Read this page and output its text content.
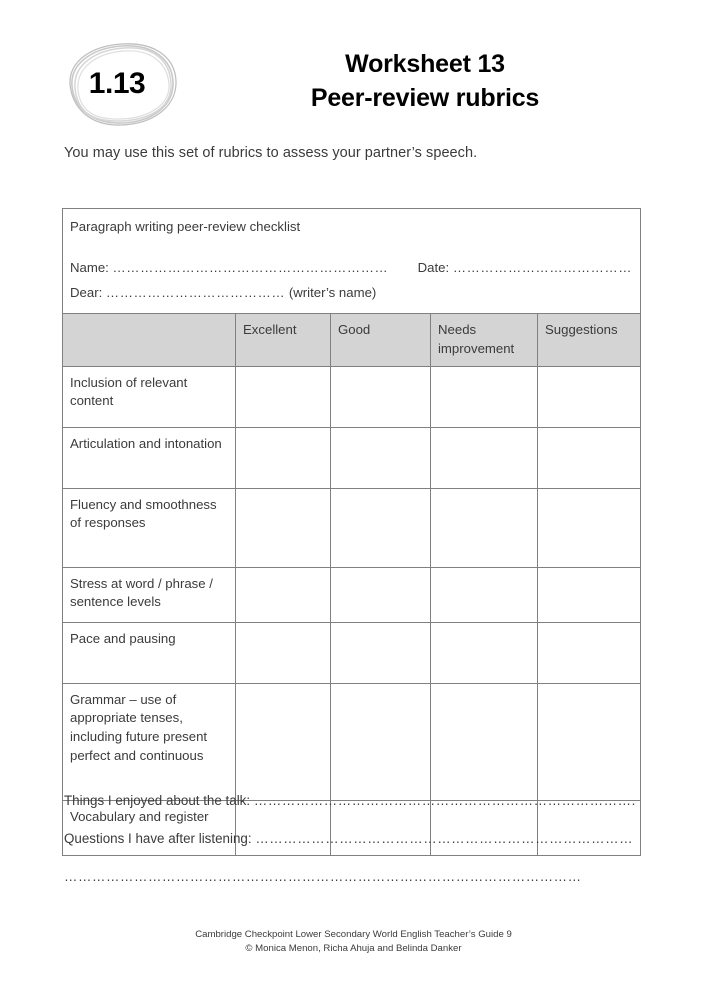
1.13
Worksheet 13
Peer-review rubrics
You may use this set of rubrics to assess your partner’s speech.
Paragraph writing peer-review checklist
Name: …………………………………………………… Date: …………………………………
Dear: ………………………………… (writer’s name)				

	Excellent	Good	Needs improvement	Suggestions
Inclusion of relevant content				
Articulation and intonation				
Fluency and smoothness of responses				
Stress at word / phrase / sentence levels				
Pace and pausing				
Grammar – use of appropriate tenses, including future present perfect and continuous				
Vocabulary and register				
Things I enjoyed about the talk: ……………………………………………………………………….
Questions I have after listening: ………………………………………………………………………
…………………………………………………………………………………………………
Cambridge Checkpoint Lower Secondary World English Teacher’s Guide 9
© Monica Menon, Richa Ahuja and Belinda Danker
